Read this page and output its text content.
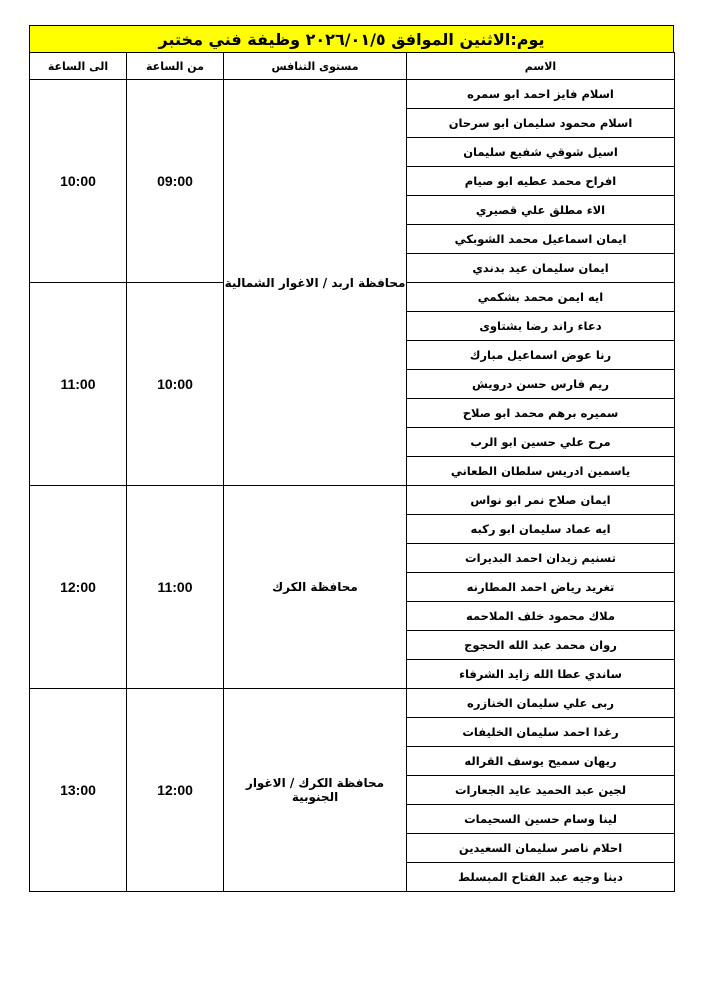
يوم:الاثنين الموافق ٢٠٢٦/٠١/٥ وظيفة فني مختبر
الاسم	مستوى التنافس	من الساعة	الى الساعة
اسلام فايز احمد ابو سمره	محافظة اربد / الاغوار الشمالية	09:00	10:00
اسلام محمود سليمان ابو سرحان			
اسيل شوقي شفيع سليمان			
افراح محمد عطيه ابو صيام			
الاء مطلق علي قصيري			
ايمان اسماعيل محمد الشوبكي			
ايمان سليمان عيد بدندي			
ايه ايمن محمد بشكمي		10:00	11:00
دعاء راند رضا بشتاوى			
رنا عوض اسماعيل مبارك			
ريم فارس حسن درويش			
سميره برهم محمد ابو صلاح			
مرح علي حسين ابو الرب			
ياسمين ادريس سلطان الطعاني			
ايمان صلاح نمر ابو نواس	محافظة الكرك	11:00	12:00
ايه عماد سليمان ابو ركبه			
تسنيم زيدان احمد البديرات			
تغريد رياض احمد المطارنه			
ملاك محمود خلف الملاحمه			
روان محمد عبد الله الحجوج			
ساندي عطا الله زايد الشرفاء			
ربى علي سليمان الخنازره	محافظة الكرك / الاغوار الجنوبية	12:00	13:00
رغدا احمد سليمان الخليفات			
ريهان سميح يوسف القراله			
لجين عبد الحميد عايد الجعارات			
لينا وسام حسين السحيمات			
احلام ناصر سليمان السعيدين			
دينا وجيه عبد الفتاح المبسلط			
